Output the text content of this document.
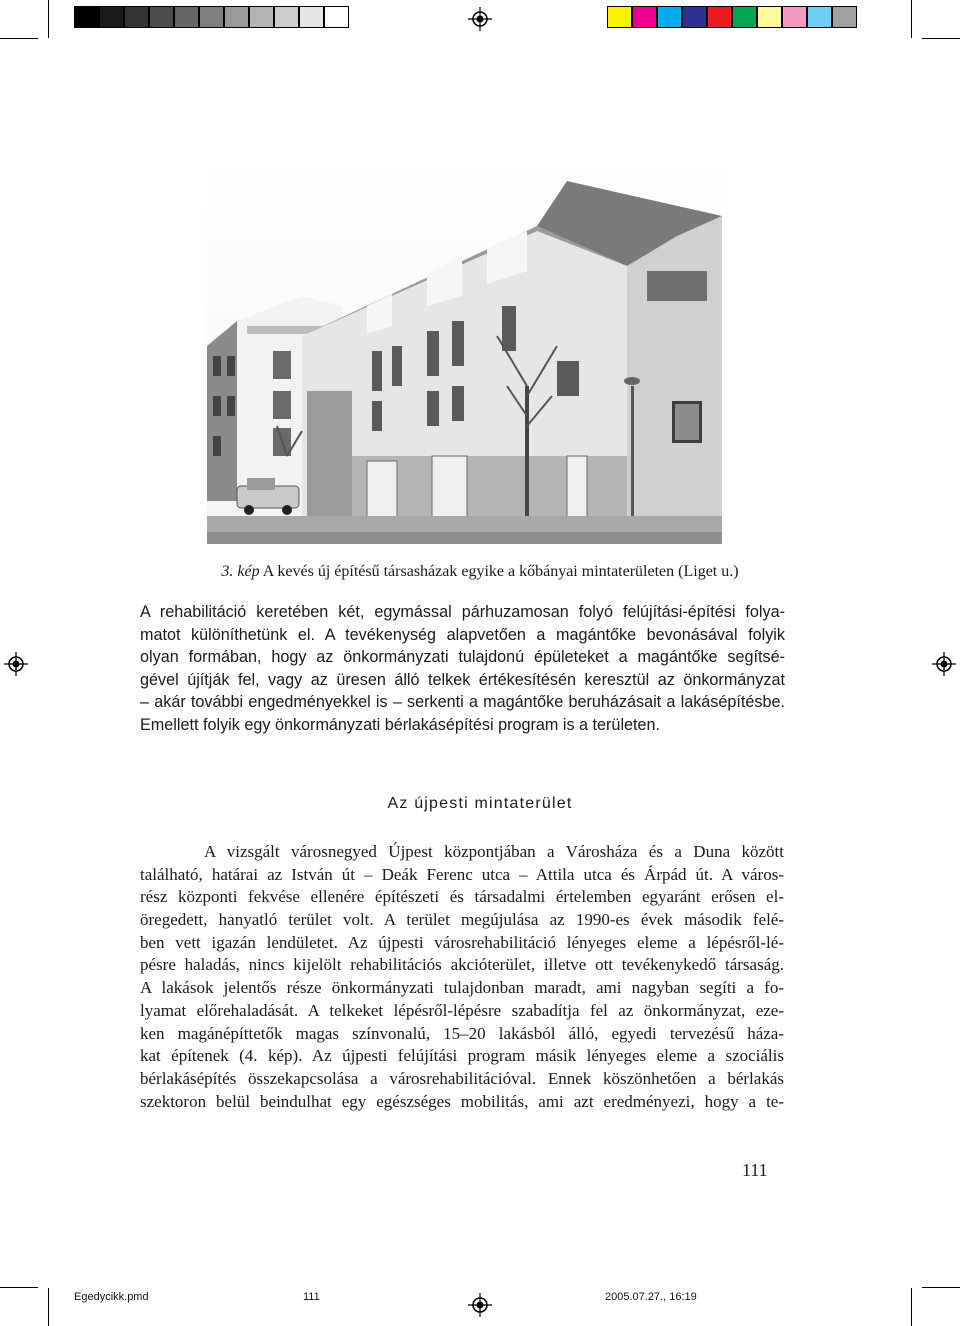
3. kép A kevés új építésű társasházak egyike a kőbányai mintaterületen (Liget u.)
A rehabilitáció keretében két, egymással párhuzamosan folyó felújítási-építési folya-
matot különíthetünk el. A tevékenység alapvetően a magántőke bevonásával folyik
olyan formában, hogy az önkormányzati tulajdonú épületeket a magántőke segítsé-
gével újítják fel, vagy az üresen álló telkek értékesítésén keresztül az önkormányzat
– akár további engedményekkel is – serkenti a magántőke beruházásait a lakásépítésbe.
Emellett folyik egy önkormányzati bérlakásépítési program is a területen.
Az újpesti mintaterület
A vizsgált városnegyed Újpest központjában a Városháza és a Duna között
található, határai az István út – Deák Ferenc utca – Attila utca és Árpád út. A város-
rész központi fekvése ellenére építészeti és társadalmi értelemben egyaránt erősen el-
öregedett, hanyatló terület volt. A terület megújulása az 1990-es évek második felé-
ben vett igazán lendületet. Az újpesti városrehabilitáció lényeges eleme a lépésről-lé-
pésre haladás, nincs kijelölt rehabilitációs akcióterület, illetve ott tevékenykedő társaság.
A lakások jelentős része önkormányzati tulajdonban maradt, ami nagyban segíti a fo-
lyamat előrehaladását. A telkeket lépésről-lépésre szabadítja fel az önkormányzat, eze-
ken magánépíttetők magas színvonalú, 15–20 lakásból álló, egyedi tervezésű háza-
kat építenek (4. kép). Az újpesti felújítási program másik lényeges eleme a szociális
bérlakásépítés összekapcsolása a városrehabilitációval. Ennek köszönhetően a bérlakás
szektoron belül beindulhat egy egészséges mobilitás, ami azt eredményezi, hogy a te-
111
Egedycikk.pmd	111	2005.07.27., 16:19
